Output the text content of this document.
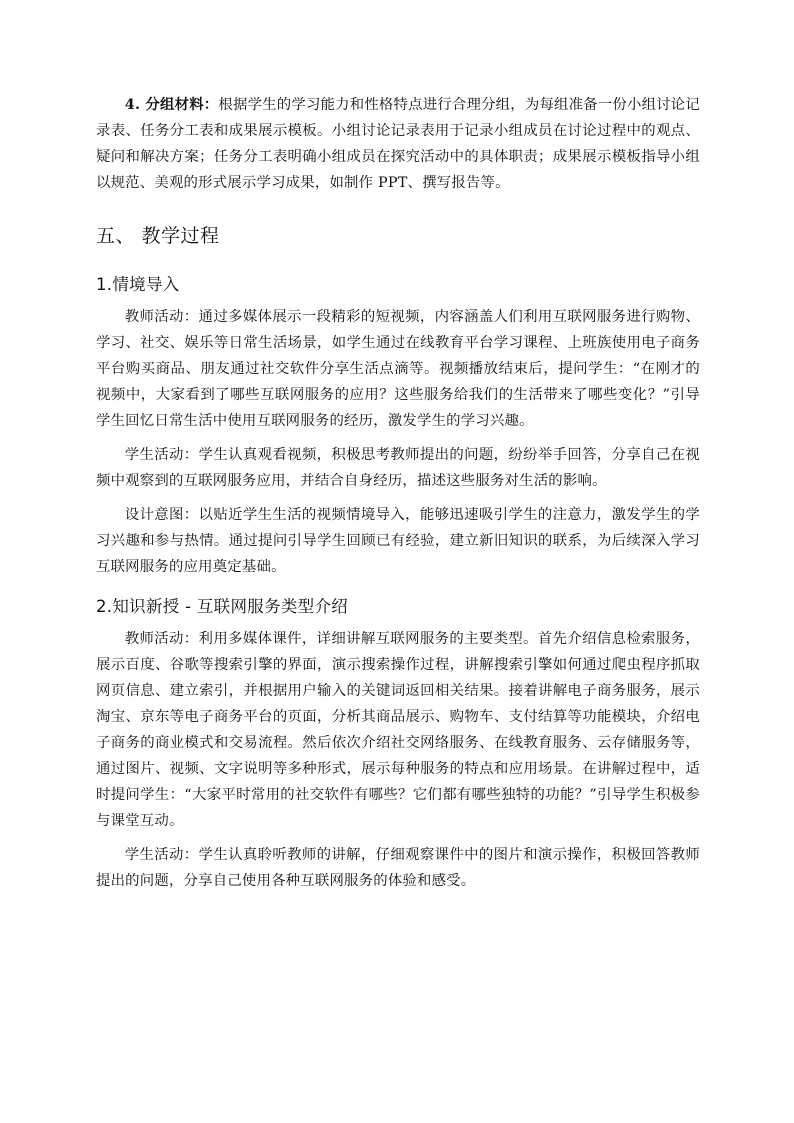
4. 分组材料：根据学生的学习能力和性格特点进行合理分组，为每组准备一份小组讨论记录表、任务分工表和成果展示模板。小组讨论记录表用于记录小组成员在讨论过程中的观点、疑问和解决方案；任务分工表明确小组成员在探究活动中的具体职责；成果展示模板指导小组以规范、美观的形式展示学习成果，如制作 PPT、撰写报告等。

五、 教学过程
1.情境导入

教师活动：通过多媒体展示一段精彩的短视频，内容涵盖人们利用互联网服务进行购物、学习、社交、娱乐等日常生活场景，如学生通过在线教育平台学习课程、上班族使用电子商务平台购买商品、朋友通过社交软件分享生活点滴等。视频播放结束后，提问学生：“在刚才的视频中，大家看到了哪些互联网服务的应用？这些服务给我们的生活带来了哪些变化？”引导学生回忆日常生活中使用互联网服务的经历，激发学生的学习兴趣。

学生活动：学生认真观看视频，积极思考教师提出的问题，纷纷举手回答，分享自己在视频中观察到的互联网服务应用，并结合自身经历，描述这些服务对生活的影响。

设计意图：以贴近学生生活的视频情境导入，能够迅速吸引学生的注意力，激发学生的学习兴趣和参与热情。通过提问引导学生回顾已有经验，建立新旧知识的联系，为后续深入学习互联网服务的应用奠定基础。

2.知识新授 - 互联网服务类型介绍

教师活动：利用多媒体课件，详细讲解互联网服务的主要类型。首先介绍信息检索服务，展示百度、谷歌等搜索引擎的界面，演示搜索操作过程，讲解搜索引擎如何通过爬虫程序抓取网页信息、建立索引，并根据用户输入的关键词返回相关结果。接着讲解电子商务服务，展示淘宝、京东等电子商务平台的页面，分析其商品展示、购物车、支付结算等功能模块，介绍电子商务的商业模式和交易流程。然后依次介绍社交网络服务、在线教育服务、云存储服务等，通过图片、视频、文字说明等多种形式，展示每种服务的特点和应用场景。在讲解过程中，适时提问学生：“大家平时常用的社交软件有哪些？它们都有哪些独特的功能？”引导学生积极参与课堂互动。

学生活动：学生认真聆听教师的讲解，仔细观察课件中的图片和演示操作，积极回答教师提出的问题，分享自己使用各种互联网服务的体验和感受。
